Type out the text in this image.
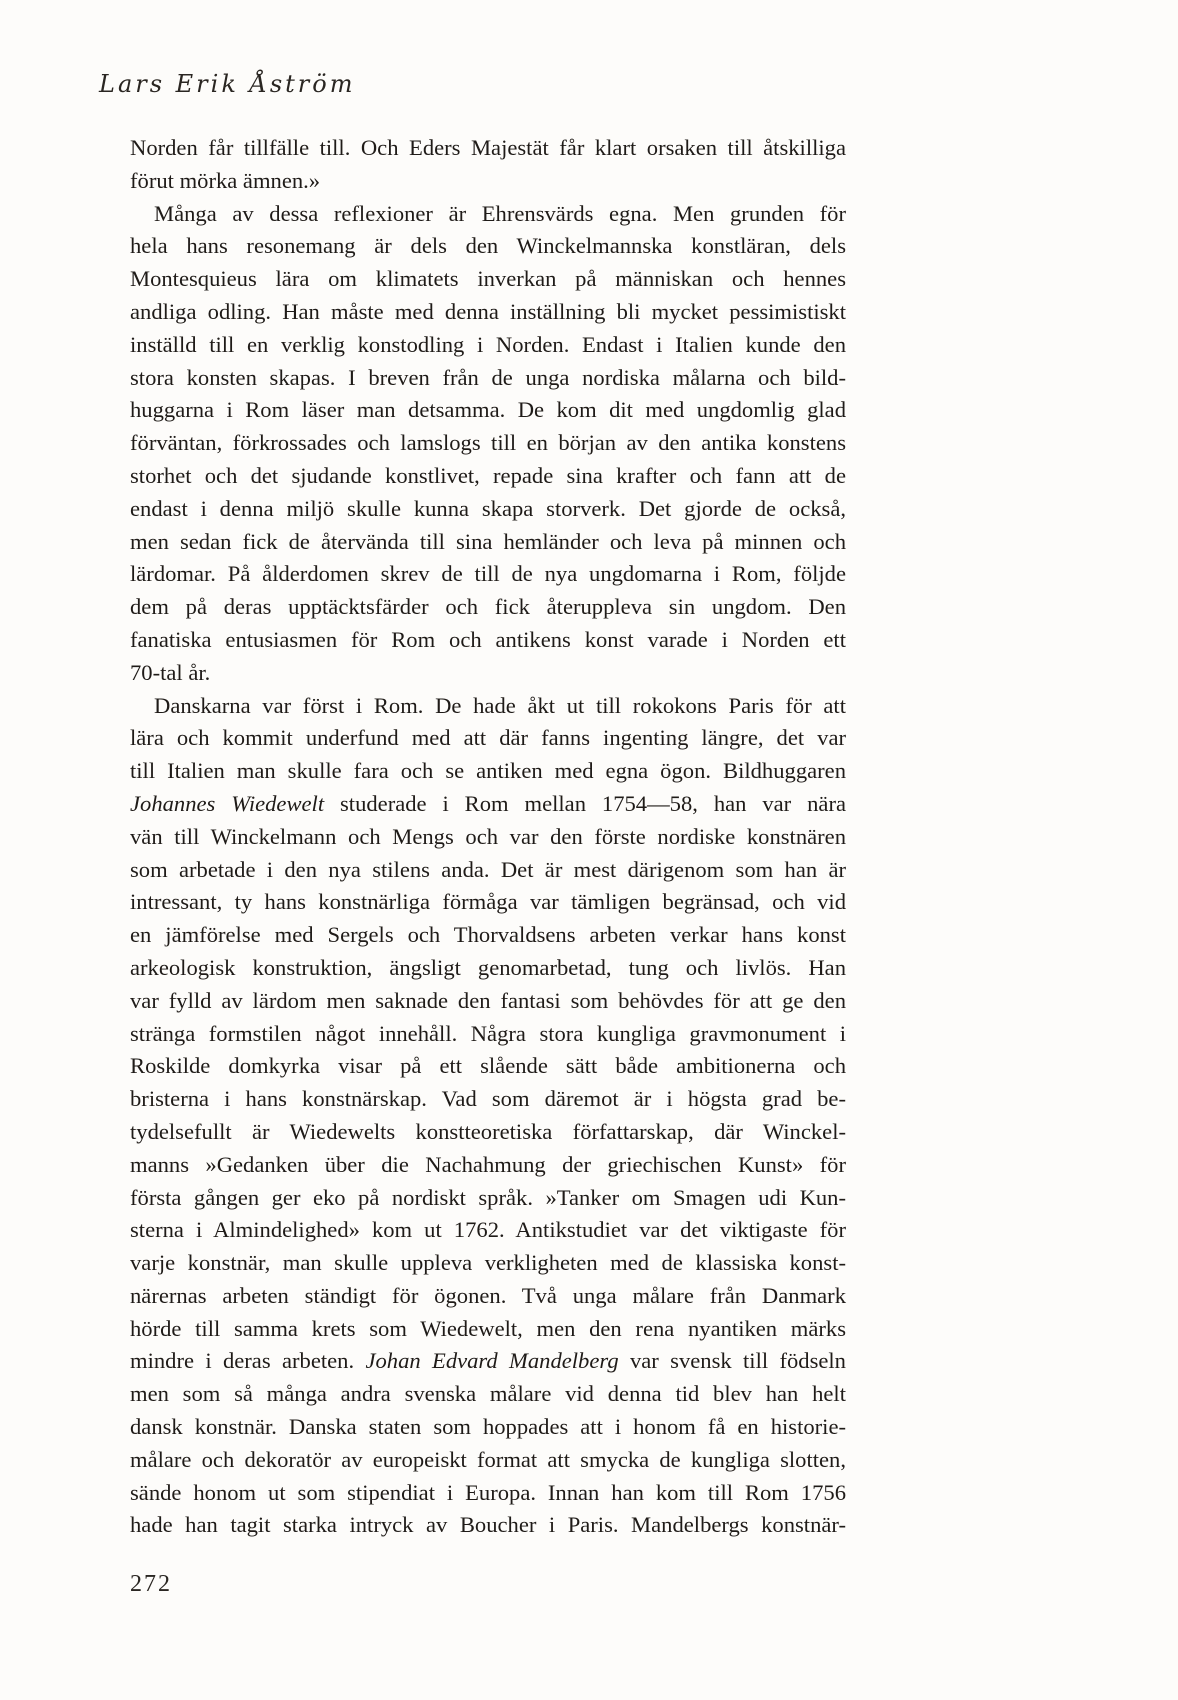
Lars Erik Åström

Norden får tillfälle till. Och Eders Majestät får klart orsaken till åtskilliga
förut mörka ämnen.»
Många av dessa reflexioner är Ehrensvärds egna. Men grunden för
hela hans resonemang är dels den Winckelmannska konstläran, dels
Montesquieus lära om klimatets inverkan på människan och hennes
andliga odling. Han måste med denna inställning bli mycket pessimistiskt
inställd till en verklig konstodling i Norden. Endast i Italien kunde den
stora konsten skapas. I breven från de unga nordiska målarna och bild-
huggarna i Rom läser man detsamma. De kom dit med ungdomlig glad
förväntan, förkrossades och lamslogs till en början av den antika konstens
storhet och det sjudande konstlivet, repade sina krafter och fann att de
endast i denna miljö skulle kunna skapa storverk. Det gjorde de också,
men sedan fick de återvända till sina hemländer och leva på minnen och
lärdomar. På ålderdomen skrev de till de nya ungdomarna i Rom, följde
dem på deras upptäcktsfärder och fick återuppleva sin ungdom. Den
fanatiska entusiasmen för Rom och antikens konst varade i Norden ett
70-tal år.
Danskarna var först i Rom. De hade åkt ut till rokokons Paris för att
lära och kommit underfund med att där fanns ingenting längre, det var
till Italien man skulle fara och se antiken med egna ögon. Bildhuggaren
Johannes Wiedewelt studerade i Rom mellan 1754—58, han var nära
vän till Winckelmann och Mengs och var den förste nordiske konstnären
som arbetade i den nya stilens anda. Det är mest därigenom som han är
intressant, ty hans konstnärliga förmåga var tämligen begränsad, och vid
en jämförelse med Sergels och Thorvaldsens arbeten verkar hans konst
arkeologisk konstruktion, ängsligt genomarbetad, tung och livlös. Han
var fylld av lärdom men saknade den fantasi som behövdes för att ge den
stränga formstilen något innehåll. Några stora kungliga gravmonument i
Roskilde domkyrka visar på ett slående sätt både ambitionerna och
bristerna i hans konstnärskap. Vad som däremot är i högsta grad be-
tydelsefullt är Wiedewelts konstteoretiska författarskap, där Winckel-
manns »Gedanken über die Nachahmung der griechischen Kunst» för
första gången ger eko på nordiskt språk. »Tanker om Smagen udi Kun-
sterna i Almindelighed» kom ut 1762. Antikstudiet var det viktigaste för
varje konstnär, man skulle uppleva verkligheten med de klassiska konst-
närernas arbeten ständigt för ögonen. Två unga målare från Danmark
hörde till samma krets som Wiedewelt, men den rena nyantiken märks
mindre i deras arbeten. Johan Edvard Mandelberg var svensk till födseln
men som så många andra svenska målare vid denna tid blev han helt
dansk konstnär. Danska staten som hoppades att i honom få en historie-
målare och dekoratör av europeiskt format att smycka de kungliga slotten,
sände honom ut som stipendiat i Europa. Innan han kom till Rom 1756
hade han tagit starka intryck av Boucher i Paris. Mandelbergs konstnär-

272
